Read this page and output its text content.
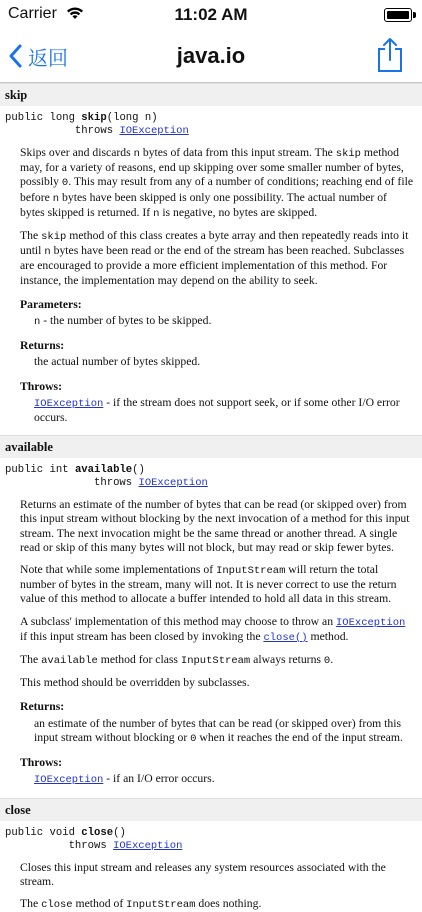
Carrier	11:02 AM
返回	java.io
skip
public long skip(long n)
throws IOException

Skips over and discards n bytes of data from this input stream. The skip method may, for a variety of reasons, end up skipping over some smaller number of bytes, possibly 0. This may result from any of a number of conditions; reaching end of file before n bytes have been skipped is only one possibility. The actual number of bytes skipped is returned. If n is negative, no bytes are skipped.

The skip method of this class creates a byte array and then repeatedly reads into it until n bytes have been read or the end of the stream has been reached. Subclasses are encouraged to provide a more efficient implementation of this method. For instance, the implementation may depend on the ability to seek.

Parameters:
n - the number of bytes to be skipped.
Returns:
the actual number of bytes skipped.
Throws:
IOException - if the stream does not support seek, or if some other I/O error occurs.
available
public int available()
throws IOException

Returns an estimate of the number of bytes that can be read (or skipped over) from this input stream without blocking by the next invocation of a method for this input stream. The next invocation might be the same thread or another thread. A single read or skip of this many bytes will not block, but may read or skip fewer bytes.

Note that while some implementations of InputStream will return the total number of bytes in the stream, many will not. It is never correct to use the return value of this method to allocate a buffer intended to hold all data in this stream.

A subclass' implementation of this method may choose to throw an IOException if this input stream has been closed by invoking the close() method.

The available method for class InputStream always returns 0.

This method should be overridden by subclasses.

Returns:
an estimate of the number of bytes that can be read (or skipped over) from this input stream without blocking or 0 when it reaches the end of the input stream.
Throws:
IOException - if an I/O error occurs.
close
public void close()
throws IOException

Closes this input stream and releases any system resources associated with the stream.

The close method of InputStream does nothing.
